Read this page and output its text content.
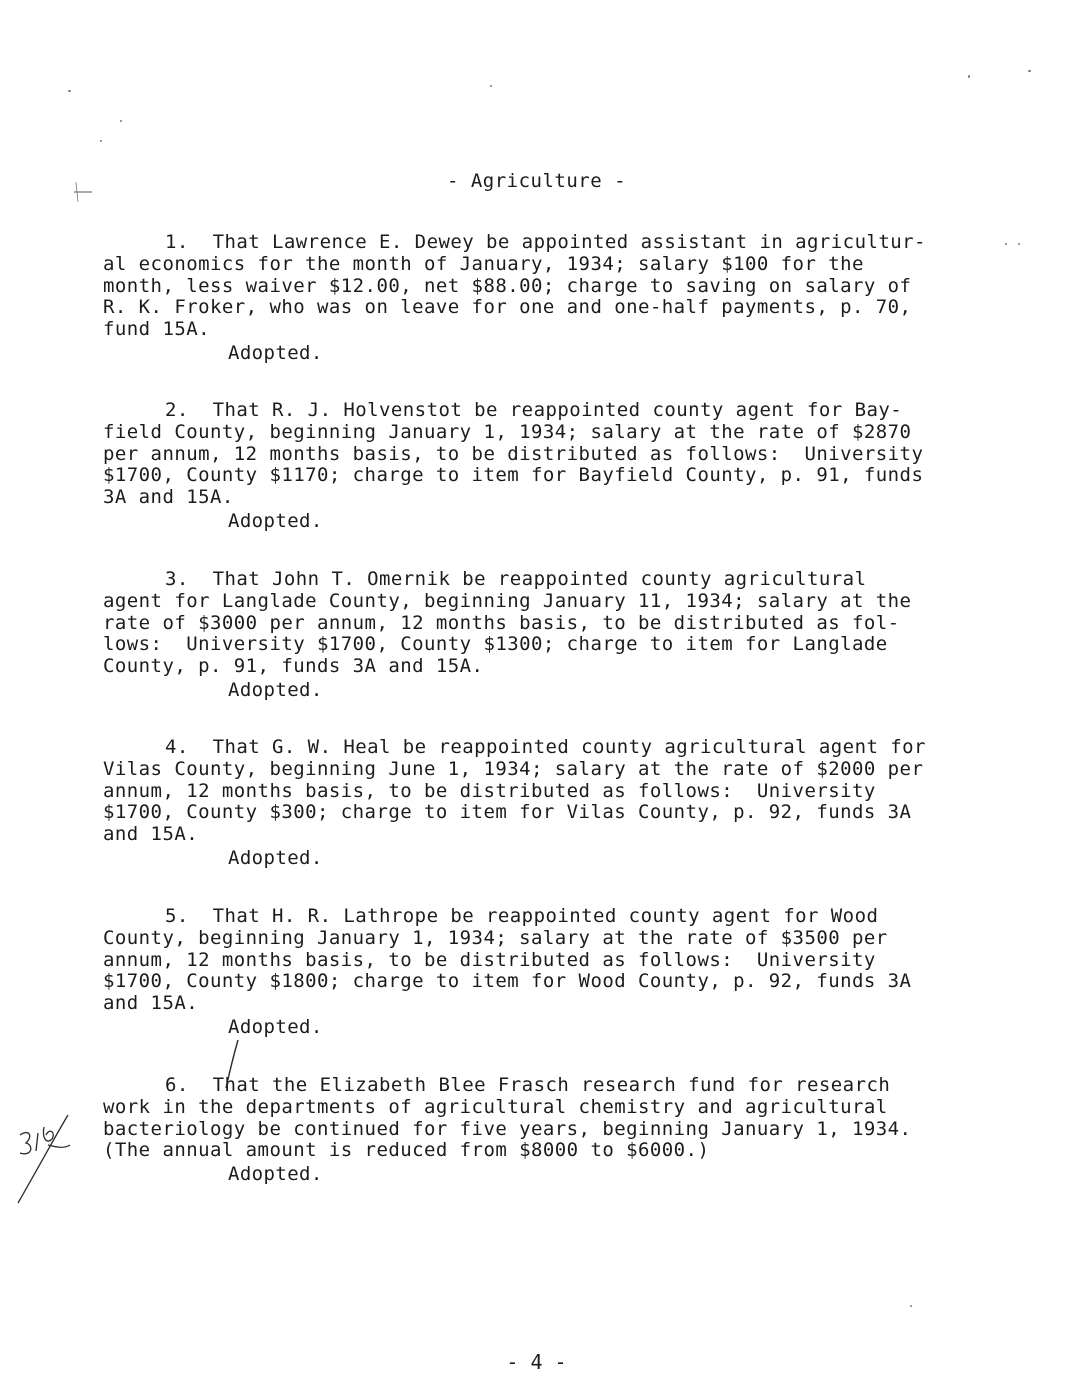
- Agriculture -
1. That Lawrence E. Dewey be appointed assistant in agricultur-
al economics for the month of January, 1934; salary $100 for the
month, less waiver $12.00, net $88.00; charge to saving on salary of
R. K. Froker, who was on leave for one and one-half payments, p. 70,
fund 15A.
Adopted.
2. That R. J. Holvenstot be reappointed county agent for Bay-
field County, beginning January 1, 1934; salary at the rate of $2870
per annum, 12 months basis, to be distributed as follows:  University
$1700, County $1170; charge to item for Bayfield County, p. 91, funds
3A and 15A.
Adopted.
3. That John T. Omernik be reappointed county agricultural
agent for Langlade County, beginning January 11, 1934; salary at the
rate of $3000 per annum, 12 months basis, to be distributed as fol-
lows:  University $1700, County $1300; charge to item for Langlade
County, p. 91, funds 3A and 15A.
Adopted.
4. That G. W. Heal be reappointed county agricultural agent for
Vilas County, beginning June 1, 1934; salary at the rate of $2000 per
annum, 12 months basis, to be distributed as follows:  University
$1700, County $300; charge to item for Vilas County, p. 92, funds 3A
and 15A.
Adopted.
5. That H. R. Lathrope be reappointed county agent for Wood
County, beginning January 1, 1934; salary at the rate of $3500 per
annum, 12 months basis, to be distributed as follows:  University
$1700, County $1800; charge to item for Wood County, p. 92, funds 3A
and 15A.
Adopted.
6. That the Elizabeth Blee Frasch research fund for research
work in the departments of agricultural chemistry and agricultural
bacteriology be continued for five years, beginning January 1, 1934.
(The annual amount is reduced from $8000 to $6000.)
Adopted.
- 4 -
